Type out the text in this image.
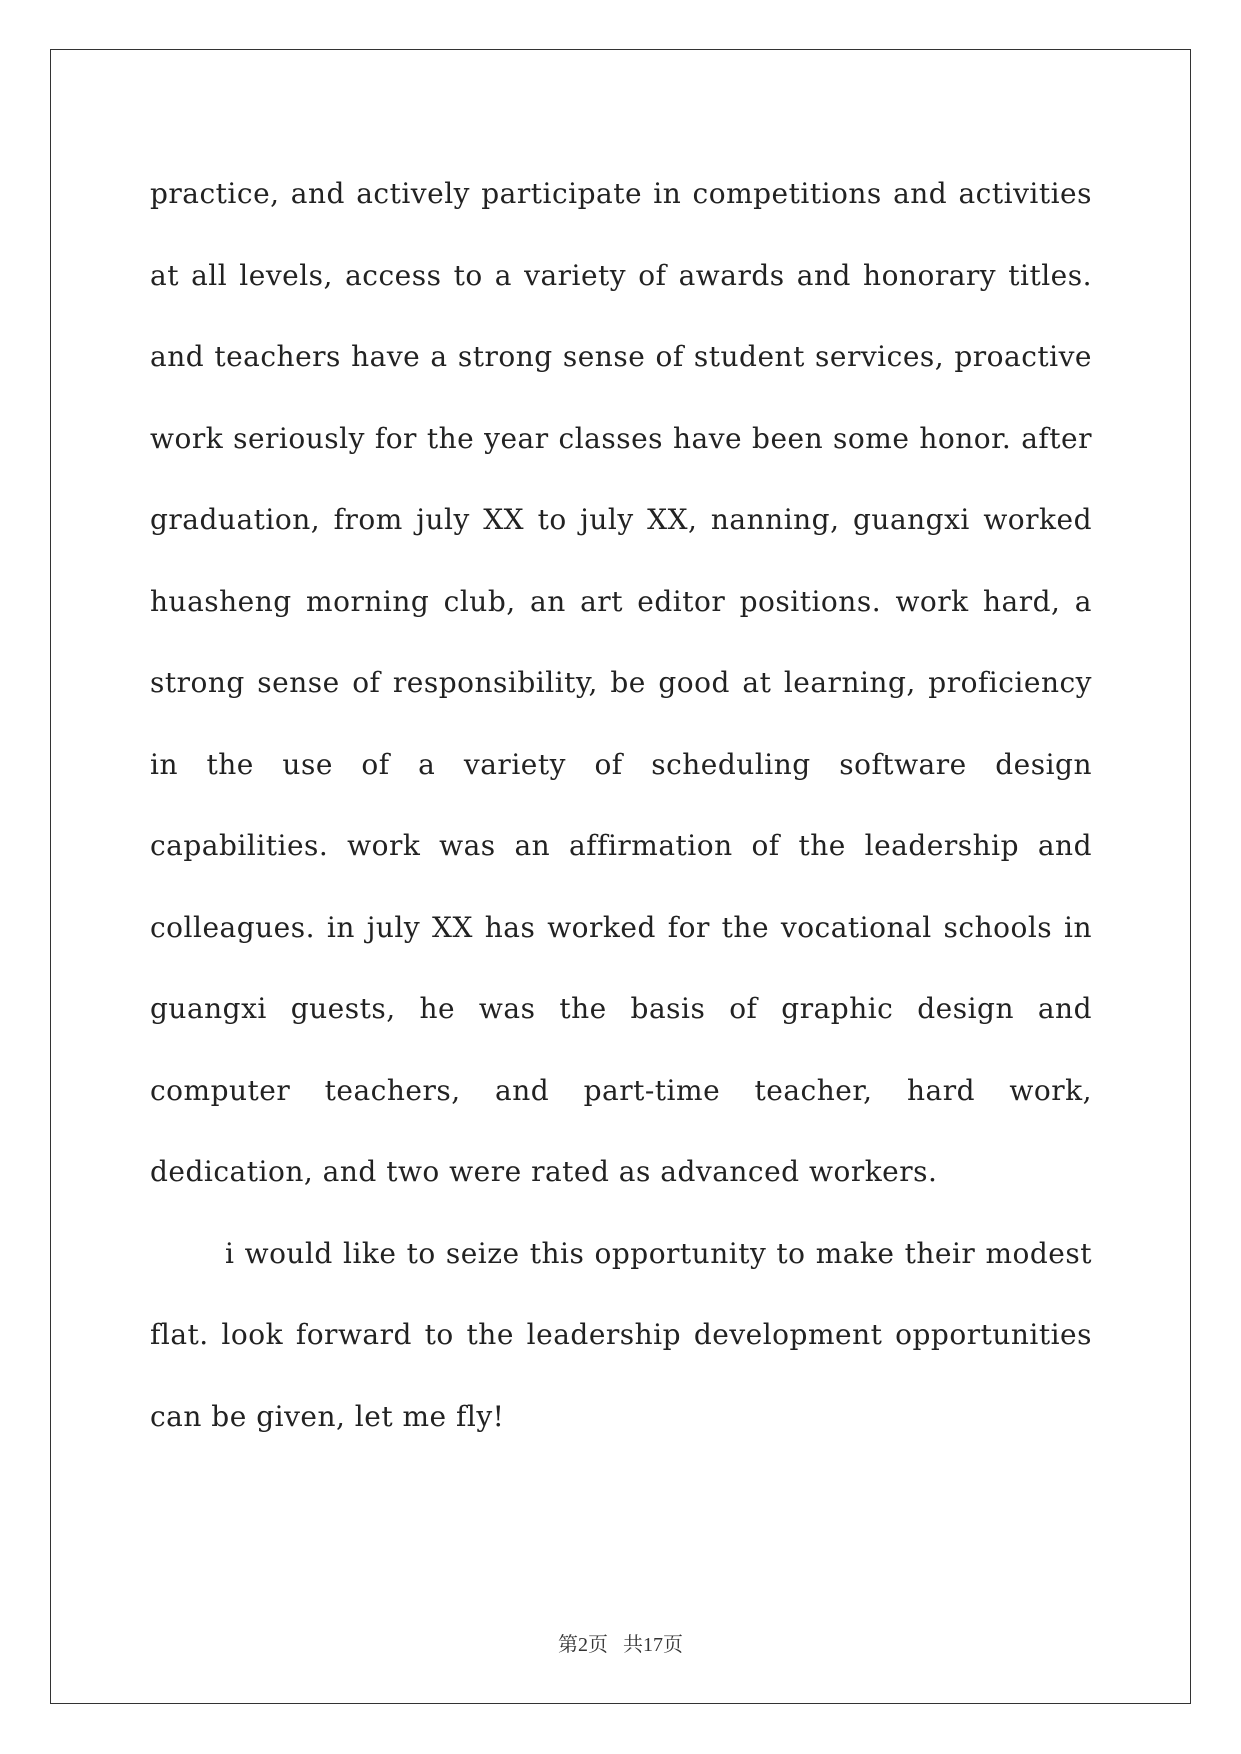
practice, and actively participate in competitions and activities at all levels, access to a variety of awards and honorary titles. and teachers have a strong sense of student services, proactive work seriously for the year classes have been some honor. after graduation, from july XX to july XX, nanning, guangxi worked huasheng morning club, an art editor positions. work hard, a strong sense of responsibility, be good at learning, proficiency in the use of a variety of scheduling software design capabilities. work was an affirmation of the leadership and colleagues. in july XX has worked for the vocational schools in guangxi guests, he was the basis of graphic design and computer teachers, and part-time teacher, hard work, dedication, and two were rated as advanced workers.

i would like to seize this opportunity to make their modest flat. look forward to the leadership development opportunities can be given, let me fly!

第2页 共17页
